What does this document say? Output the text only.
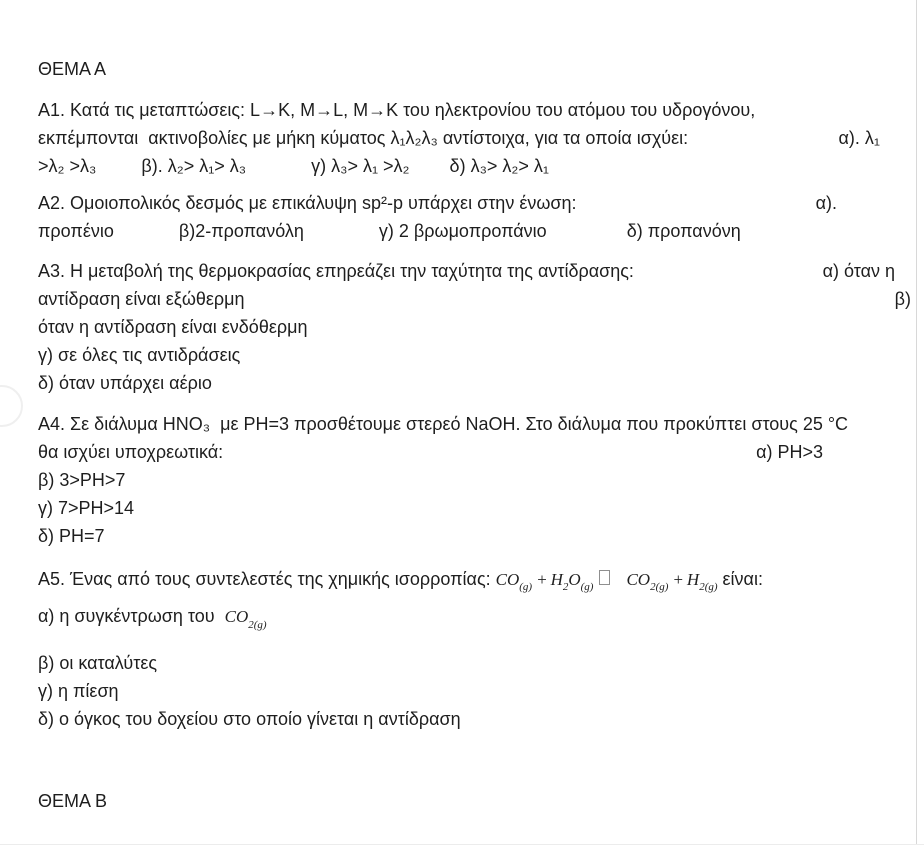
ΘΕΜΑ Α
Α1. Κατά τις μεταπτώσεις: L→K, M→L, M→K του ηλεκτρονίου του ατόμου του υδρογόνου,
εκπέμπονται  ακτινοβολίες με μήκη κύματος λ₁λ₂λ₃ αντίστοιχα, για τα οποία ισχύει:	α). λ₁
>λ₂ >λ₃         β). λ₂> λ₁> λ₃             γ) λ₃> λ₁ >λ₂        δ) λ₃> λ₂> λ₁
Α2. Ομοιοπολικός δεσμός με επικάλυψη sp²-p υπάρχει στην ένωση:	α).
προπένιο             β)2-προπανόλη               γ) 2 βρωμοπροπάνιο                δ) προπανόνη
Α3. Η μεταβολή της θερμοκρασίας επηρεάζει την ταχύτητα της αντίδρασης:	α) όταν η
αντίδραση είναι εξώθερμη	β)
όταν η αντίδραση είναι ενδόθερμη
γ) σε όλες τις αντιδράσεις
δ) όταν υπάρχει αέριο
Α4. Σε διάλυμα HNO₃  με PH=3 προσθέτουμε στερεό NaOH. Στο διάλυμα που προκύπτει στους 25 °C
θα ισχύει υποχρεωτικά:	α) PH>3
β) 3>PH>7
γ) 7>PH>14
δ) PH=7
Α5. Ένας από τους συντελεστές της χημικής ισορροπίας: $CO_{(g)} + H_2O_{(g)}$ $CO_{2(g)} + H_{2(g)}$ είναι:
α) η συγκέντρωση του  $CO_{2(g)}$
β) οι καταλύτες
γ) η πίεση
δ) ο όγκος του δοχείου στο οποίο γίνεται η αντίδραση
ΘΕΜΑ Β
